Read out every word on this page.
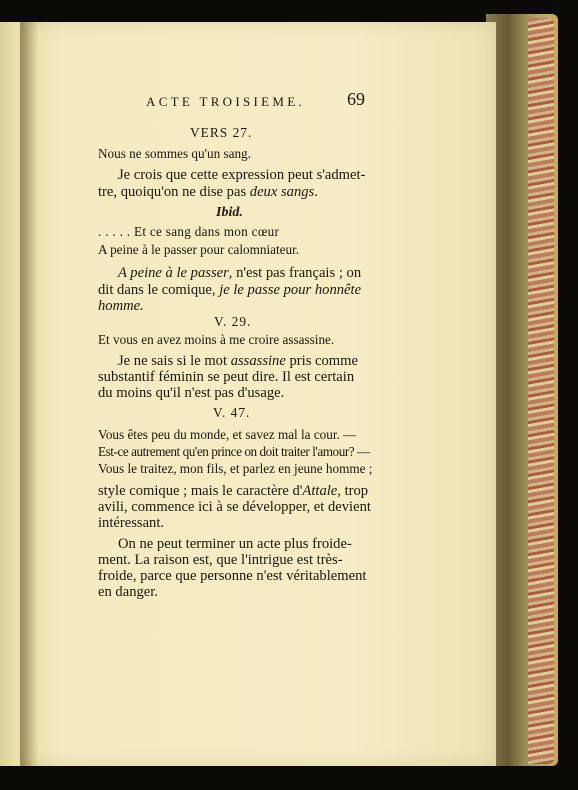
ACTE TROISIEME. 69
VERS 27.
Nous ne sommes qu'un sang.
Je crois que cette expression peut s'admet-
tre, quoiqu'on ne dise pas deux sangs.
Ibid.
. . . . . Et ce sang dans mon cœur
A peine à le passer pour calomniateur.
A peine à le passer, n'est pas français ; on
dit dans le comique, je le passe pour honnête
homme.
V. 29.
Et vous en avez moins à me croire assassine.
Je ne sais si le mot assassine pris comme
substantif féminin se peut dire. Il est certain
du moins qu'il n'est pas d'usage.
V. 47.
Vous êtes peu du monde, et savez mal la cour. —
Est-ce autrement qu'en prince on doit traiter l'amour? —
Vous le traitez, mon fils, et parlez en jeune homme ;
style comique ; mais le caractère d'Attale, trop
avili, commence ici à se développer, et devient
intéressant.
On ne peut terminer un acte plus froide-
ment. La raison est, que l'intrigue est très-
froide, parce que personne n'est véritablement
en danger.
